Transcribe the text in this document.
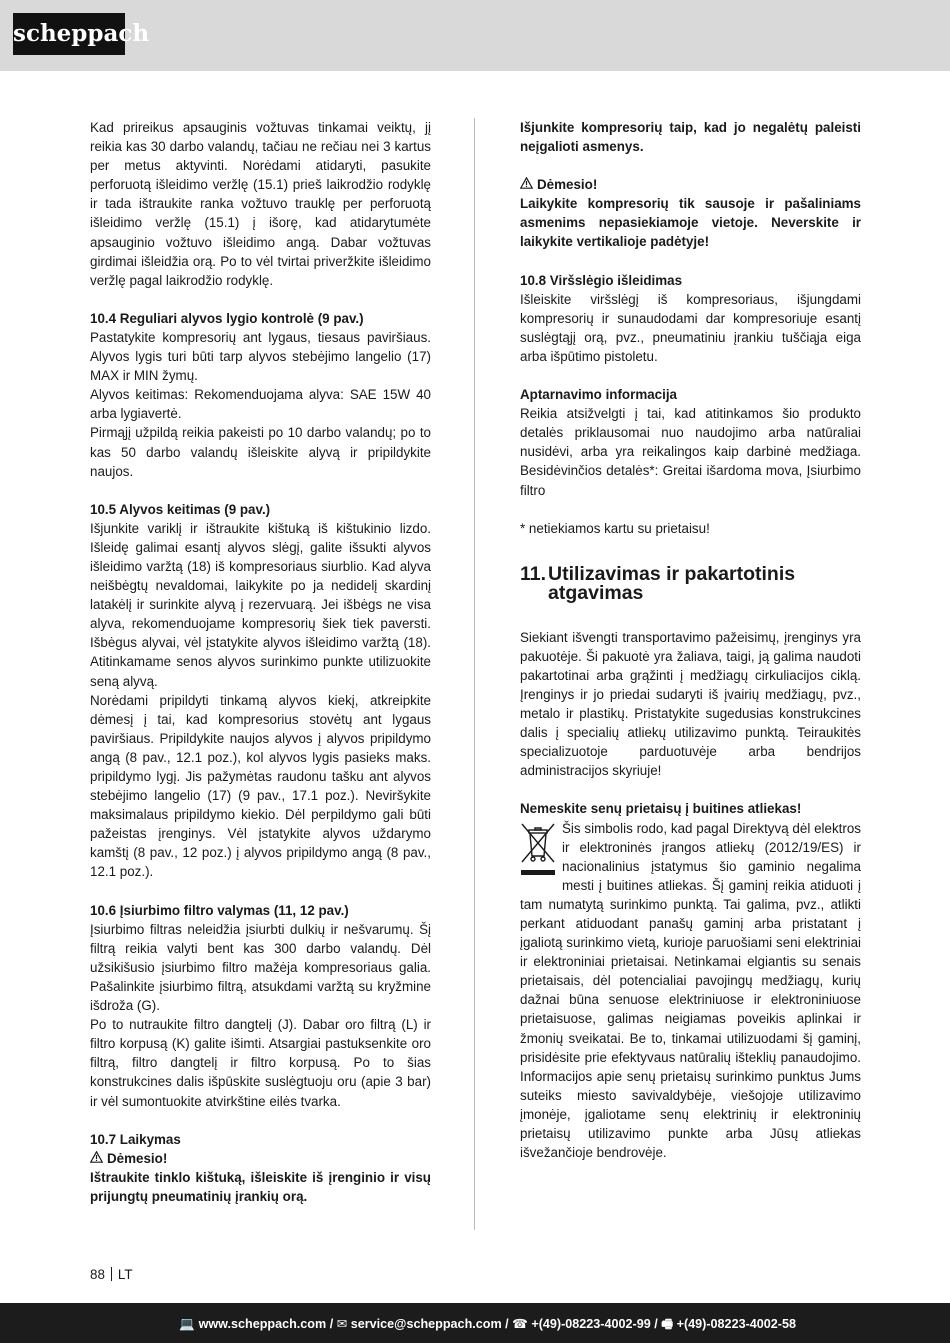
scheppach

Kad prireikus apsauginis vožtuvas tinkamai veiktų, jį reikia kas 30 darbo valandų, tačiau ne rečiau nei 3 kartus per metus aktyvinti. Norėdami atidaryti, pasukite perforuotą išleidimo veržlę (15.1) prieš laikrodžio rodyklę ir tada ištraukite ranka vožtuvo trauklę per perforuotą išleidimo veržlę (15.1) į išorę, kad atidarytumėte apsauginio vožtuvo išleidimo angą. Dabar vožtuvas girdimai išleidžia orą. Po to vėl tvirtai priveržkite išleidimo veržlę pagal laikrodžio rodyklę.

10.4 Reguliari alyvos lygio kontrolė (9 pav.)

Pastatykite kompresorių ant lygaus, tiesaus paviršiaus. Alyvos lygis turi būti tarp alyvos stebėjimo langelio (17) MAX ir MIN žymų.

Alyvos keitimas: Rekomenduojama alyva: SAE 15W 40 arba lygiavertė.

Pirmąjį užpildą reikia pakeisti po 10 darbo valandų; po to kas 50 darbo valandų išleiskite alyvą ir pripildykite naujos.

10.5 Alyvos keitimas (9 pav.)

Išjunkite variklį ir ištraukite kištuką iš kištukinio lizdo. Išleidę galimai esantį alyvos slėgį, galite išsukti alyvos išleidimo varžtą (18) iš kompresoriaus siurblio. Kad alyva neišbėgtų nevaldomai, laikykite po ja nedidelį skardinį latakėlį ir surinkite alyvą į rezervuarą. Jei išbėgs ne visa alyva, rekomenduojame kompresorių šiek tiek paversti. Išbėgus alyvai, vėl įstatykite alyvos išleidimo varžtą (18). Atitinkamame senos alyvos surinkimo punkte utilizuokite seną alyvą.

Norėdami pripildyti tinkamą alyvos kiekį, atkreipkite dėmesį į tai, kad kompresorius stovėtų ant lygaus paviršiaus. Pripildykite naujos alyvos į alyvos pripildymo angą (8 pav., 12.1 poz.), kol alyvos lygis pasieks maks. pripildymo lygį. Jis pažymėtas raudonu tašku ant alyvos stebėjimo langelio (17) (9 pav., 17.1 poz.). Neviršykite maksimalaus pripildymo kiekio. Dėl perpildymo gali būti pažeistas įrenginys. Vėl įstatykite alyvos uždarymo kamštį (8 pav., 12 poz.) į alyvos pripildymo angą (8 pav., 12.1 poz.).

10.6 Įsiurbimo filtro valymas (11, 12 pav.)

Įsiurbimo filtras neleidžia įsiurbti dulkių ir nešvarumų. Šį filtrą reikia valyti bent kas 300 darbo valandų. Dėl užsikišusio įsiurbimo filtro mažėja kompresoriaus galia. Pašalinkite įsiurbimo filtrą, atsukdami varžtą su kryžmine išdroža (G).

Po to nutraukite filtro dangtelį (J). Dabar oro filtrą (L) ir filtro korpusą (K) galite išimti. Atsargiai pastuksenkite oro filtrą, filtro dangtelį ir filtro korpusą. Po to šias konstrukcines dalis išpūskite suslėgtuoju oru (apie 3 bar) ir vėl sumontuokite atvirkštine eilės tvarka.

10.7 Laikymas
Dėmesio!

Ištraukite tinklo kištuką, išleiskite iš įrenginio ir visų prijungtų pneumatinių įrankių orą.

Išjunkite kompresorių taip, kad jo negalėtų paleisti neįgalioti asmenys.

Dėmesio!

Laikykite kompresorių tik sausoje ir pašaliniams asmenims nepasiekiamoje vietoje. Neverskite ir laikykite vertikalioje padėtyje!

10.8 Viršslėgio išleidimas

Išleiskite viršslėgį iš kompresoriaus, išjungdami kompresorių ir sunaudodami dar kompresoriuje esantį suslėgtąjį orą, pvz., pneumatiniu įrankiu tuščiąja eiga arba išpūtimo pistoletu.

Aptarnavimo informacija

Reikia atsižvelgti į tai, kad atitinkamos šio produkto detalės priklausomai nuo naudojimo arba natūraliai nusidėvi, arba yra reikalingos kaip darbinė medžiaga. Besidėvinčios detalės*: Greitai išardoma mova, Įsiurbimo filtro

* netiekiamos kartu su prietaisu!

11. Utilizavimas ir pakartotinis atgavimas

Siekiant išvengti transportavimo pažeisimų, įrenginys yra pakuotėje. Ši pakuotė yra žaliava, taigi, ją galima naudoti pakartotinai arba grąžinti į medžiagų cirkuliacijos ciklą. Įrenginys ir jo priedai sudaryti iš įvairių medžiagų, pvz., metalo ir plastikų. Pristatykite sugedusias konstrukcines dalis į specialių atliekų utilizavimo punktą. Teiraukitės specializuotoje parduotuvėje arba bendrijos administracijos skyriuje!

Nemeskite senų prietaisų į buitines atliekas!

Šis simbolis rodo, kad pagal Direktyvą dėl elektros ir elektroninės įrangos atliekų (2012/19/ES) ir nacionalinius įstatymus šio gaminio negalima mesti į buitines atliekas. Šį gaminį reikia atiduoti į tam numatytą surinkimo punktą. Tai galima, pvz., atlikti perkant atiduodant panašų gaminį arba pristatant į įgaliotą surinkimo vietą, kurioje paruošiami seni elektriniai ir elektroniniai prietaisai. Netinkamai elgiantis su senais prietaisais, dėl potencialiai pavojingų medžiagų, kurių dažnai būna senuose elektriniuose ir elektroniniuose prietaisuose, galimas neigiamas poveikis aplinkai ir žmonių sveikatai. Be to, tinkamai utilizuodami šį gaminį, prisidėsite prie efektyvaus natūralių išteklių panaudojimo. Informacijos apie senų prietaisų surinkimo punktus Jums suteiks miesto savivaldybėje, viešojoje utilizavimo įmonėje, įgaliotame senų elektrinių ir elektroninių prietaisų utilizavimo punkte arba Jūsų atliekas išvežančioje bendrovėje.

88 LT
💻 www.scheppach.com / ✉ service@scheppach.com / ☎ +(49)-08223-4002-99 / 🖷 +(49)-08223-4002-58
